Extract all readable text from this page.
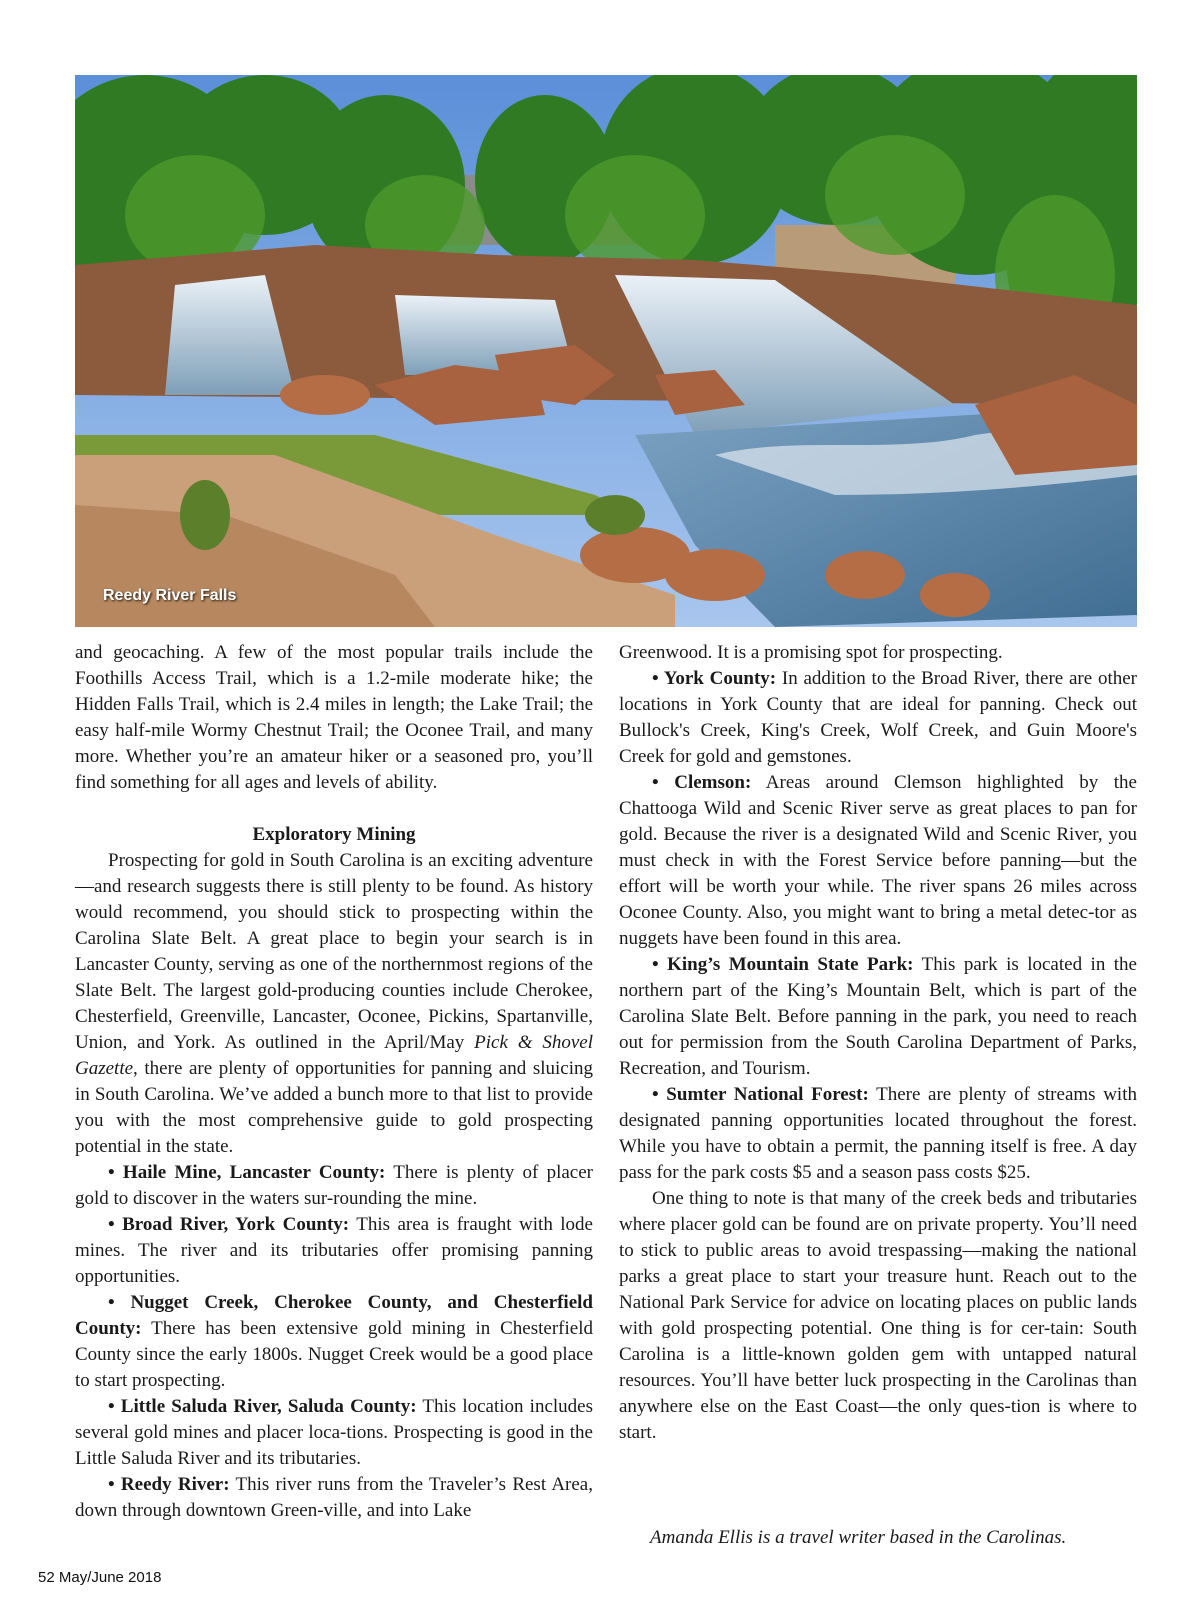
Reedy River Falls

and geocaching. A few of the most popular trails include the Foothills Access Trail, which is a 1.2-mile moderate hike; the Hidden Falls Trail, which is 2.4 miles in length; the Lake Trail; the easy half-mile Wormy Chestnut Trail; the Oconee Trail, and many more. Whether you’re an amateur hiker or a seasoned pro, you’ll find something for all ages and levels of ability.

Exploratory Mining

Prospecting for gold in South Carolina is an exciting adventure—and research suggests there is still plenty to be found. As history would recommend, you should stick to prospecting within the Carolina Slate Belt. A great place to begin your search is in Lancaster County, serving as one of the northernmost regions of the Slate Belt. The largest gold-producing counties include Cherokee, Chesterfield, Greenville, Lancaster, Oconee, Pickins, Spartanville, Union, and York. As outlined in the April/May Pick & Shovel Gazette, there are plenty of opportunities for panning and sluicing in South Carolina. We’ve added a bunch more to that list to provide you with the most comprehensive guide to gold prospecting potential in the state.

• Haile Mine, Lancaster County: There is plenty of placer gold to discover in the waters sur-rounding the mine.

• Broad River, York County: This area is fraught with lode mines. The river and its tributaries offer promising panning opportunities.

• Nugget Creek, Cherokee County, and Chesterfield County: There has been extensive gold mining in Chesterfield County since the early 1800s. Nugget Creek would be a good place to start prospecting.

• Little Saluda River, Saluda County: This location includes several gold mines and placer loca-tions. Prospecting is good in the Little Saluda River and its tributaries.

• Reedy River: This river runs from the Traveler’s Rest Area, down through downtown Green-ville, and into Lake

Greenwood. It is a promising spot for prospecting.

• York County: In addition to the Broad River, there are other locations in York County that are ideal for panning. Check out Bullock's Creek, King's Creek, Wolf Creek, and Guin Moore's Creek for gold and gemstones.

• Clemson: Areas around Clemson highlighted by the Chattooga Wild and Scenic River serve as great places to pan for gold. Because the river is a designated Wild and Scenic River, you must check in with the Forest Service before panning—but the effort will be worth your while. The river spans 26 miles across Oconee County. Also, you might want to bring a metal detec-tor as nuggets have been found in this area.

• King’s Mountain State Park: This park is located in the northern part of the King’s Mountain Belt, which is part of the Carolina Slate Belt. Before panning in the park, you need to reach out for permission from the South Carolina Department of Parks, Recreation, and Tourism.

• Sumter National Forest: There are plenty of streams with designated panning opportunities located throughout the forest. While you have to obtain a permit, the panning itself is free. A day pass for the park costs $5 and a season pass costs $25.

One thing to note is that many of the creek beds and tributaries where placer gold can be found are on private property. You’ll need to stick to public areas to avoid trespassing—making the national parks a great place to start your treasure hunt. Reach out to the National Park Service for advice on locating places on public lands with gold prospecting potential. One thing is for cer-tain: South Carolina is a little-known golden gem with untapped natural resources. You’ll have better luck prospecting in the Carolinas than anywhere else on the East Coast—the only ques-tion is where to start.

Amanda Ellis is a travel writer based in the Carolinas.
52 May/June 2018
